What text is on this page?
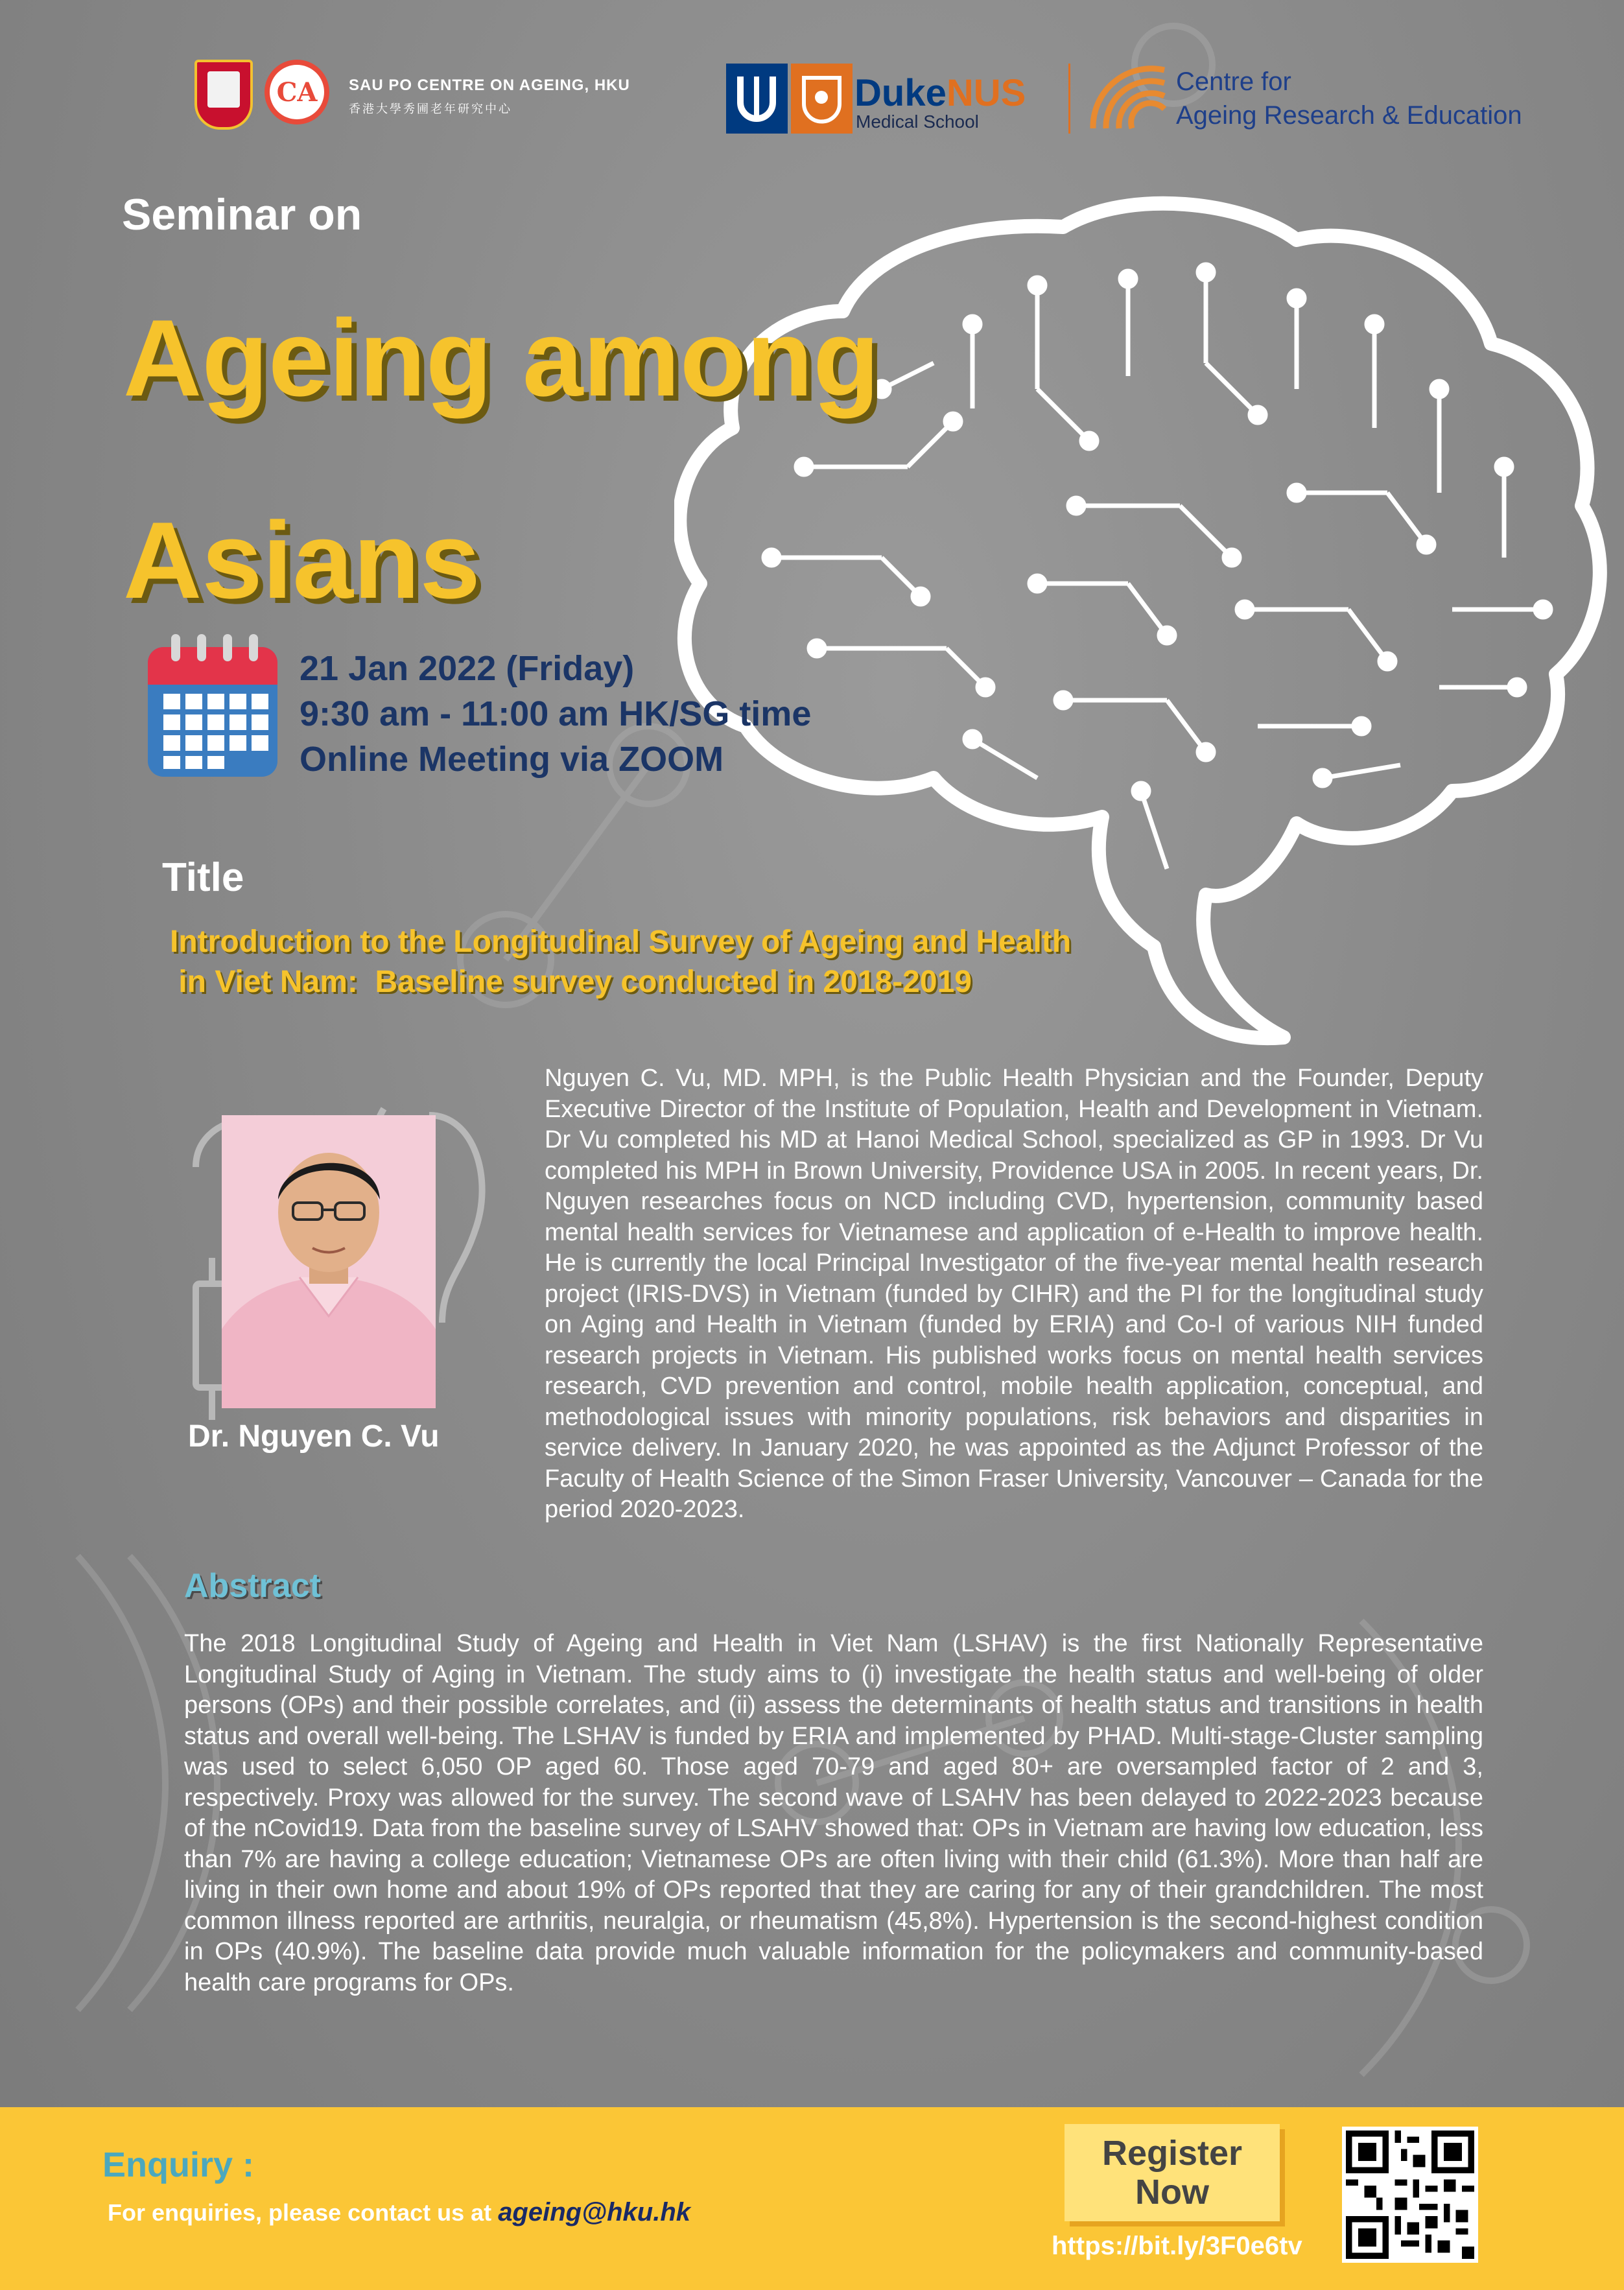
CA	SAU PO CENTRE ON AGEING, HKU
香港大學秀圃老年研究中心	DukeNUS
Medical School
Centre for
Ageing Research & Education
Seminar on
Ageing among
Asians
21 Jan 2022 (Friday)
9:30 am - 11:00 am HK/SG time
Online Meeting via ZOOM
Title
Introduction to the Longitudinal Survey of Ageing and Health
in Viet Nam:  Baseline survey conducted in 2018-2019
Dr. Nguyen C. Vu
Nguyen C. Vu, MD. MPH, is the Public Health Physician and the Founder, Deputy Executive Director of the Institute of Population, Health and Development in Vietnam. Dr Vu completed his MD at Hanoi Medical School, specialized as GP in 1993. Dr Vu completed his MPH in Brown University, Providence USA in 2005. In recent years, Dr. Nguyen researches focus on NCD including CVD, hypertension, community based mental health services for Vietnamese and application of e-Health to improve health. He is currently the local Principal Investigator of the five-year mental health research project (IRIS-DVS) in Vietnam (funded by CIHR) and the PI for the longitudinal study on Aging and Health in Vietnam (funded by ERIA) and Co-I of various NIH funded research projects in Vietnam. His published works focus on mental health services research, CVD prevention and control, mobile health application, conceptual, and methodological issues with minority populations, risk behaviors and disparities in service delivery. In January 2020, he was appointed as the Adjunct Professor of the Faculty of Health Science of the Simon Fraser University, Vancouver – Canada for the period 2020-2023.
Abstract
The 2018 Longitudinal Study of Ageing and Health in Viet Nam (LSHAV) is the first Nationally Representative Longitudinal Study of Aging in Vietnam. The study aims to (i) investigate the health status and well-being of older persons (OPs) and their possible correlates, and (ii) assess the determinants of health status and transitions in health status and overall well-being. The LSHAV is funded by ERIA and implemented by PHAD. Multi-stage-Cluster sampling was used to select 6,050 OP aged 60. Those aged 70-79 and aged 80+ are oversampled factor of 2 and 3, respectively. Proxy was allowed for the survey. The second wave of LSAHV has been delayed to 2022-2023 because of the nCovid19. Data from the baseline survey of LSAHV showed that: OPs in Vietnam are having low education, less than 7% are having a college education; Vietnamese OPs are often living with their child (61.3%). More than half are living in their own home and about 19% of OPs reported that they are caring for any of their grandchildren. The most common illness reported are arthritis, neuralgia, or rheumatism (45,8%). Hypertension is the second-highest condition in OPs (40.9%). The baseline data provide much valuable information for the policymakers and community-based health care programs for OPs.
Enquiry :
For enquiries, please contact us at ageing@hku.hk
Register
Now
https://bit.ly/3F0e6tv
